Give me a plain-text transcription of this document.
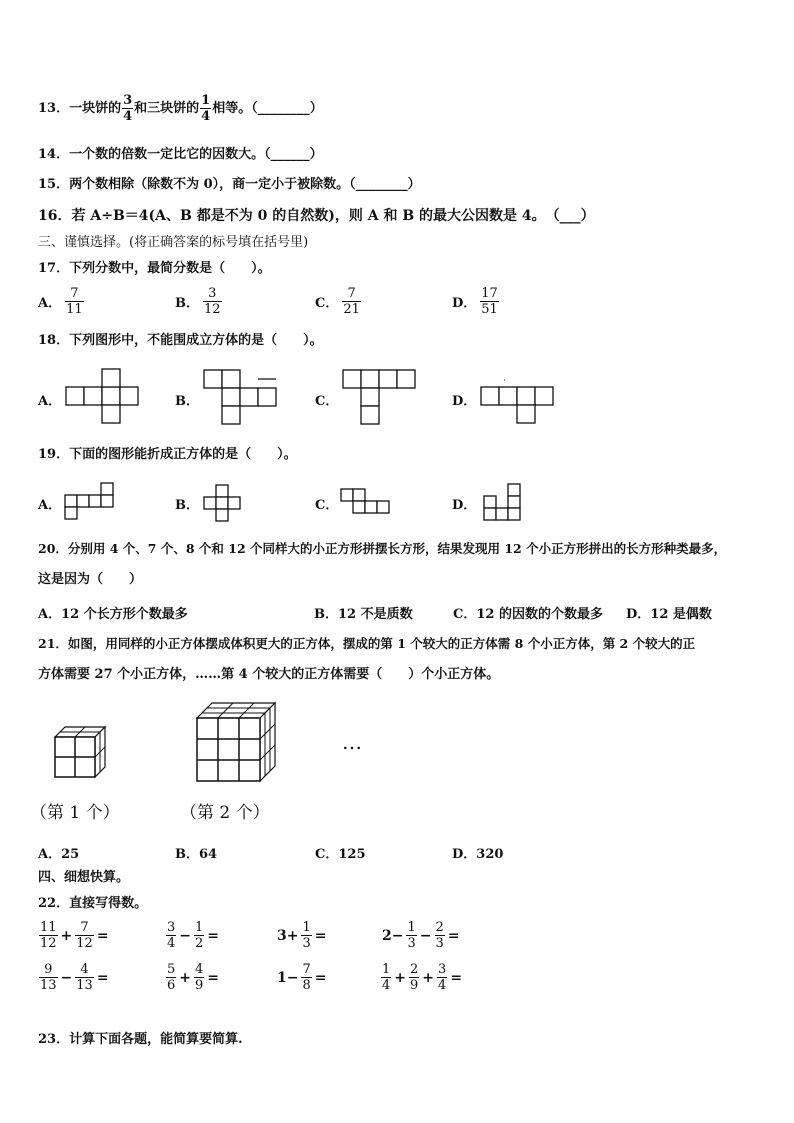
13．一块饼的 $\frac{3}{4}$ 和三块饼的 $\frac{1}{4}$ 相等。（________）
14．一个数的倍数一定比它的因数大。（______）
15．两个数相除（除数不为 0），商一定小于被除数。（________）
16．若 A÷B＝4(A、B 都是不为 0 的自然数)，则 A 和 B 的最大公因数是 4。　（___）
三、谨慎选择。(将正确答案的标号填在括号里)
17．下列分数中，最简分数是（　　）。
A． $\frac{7}{11}$	B． $\frac{3}{12}$	C． $\frac{7}{21}$	D． $\frac{17}{51}$
18．下列图形中，不能围成立方体的是（　　）。
A．	B．	C．	D．
·
19．下面的图形能折成正方体的是（　　）。
A．	B．	C．	D．
20．分别用 4 个、7 个、8 个和 12 个同样大的小正方形拼摆长方形，结果发现用 12 个小正方形拼出的长方形种类最多，
这是因为（　　）
A．12 个长方形个数最多	B．12 不是质数	C．12 的因数的个数最多 D．12 是偶数
21．如图，用同样的小正方体摆成体积更大的正方体，摆成的第 1 个较大的正方体需 8 个小正方体，第 2 个较大的正
方体需要 27 个小正方体，……第 4 个较大的正方体需要（　　）个小正方体。
…
（第 1 个）	（第 2 个）
A．25	B．64	C．125	D．320
四、细想快算。
22．直接写得数。
$\frac{11}{12} + \frac{7}{12}$ =	$\frac{3}{4} - \frac{1}{2}$ =	$3+ \frac{1}{3}$ =	$2- \frac{1}{3} - \frac{2}{3}$ =
$\frac{9}{13} - \frac{4}{13}$ =	$\frac{5}{6} + \frac{4}{9}$ =	$1- \frac{7}{8}$ =	$\frac{1}{4} + \frac{2}{9} + \frac{3}{4}$ =
23．计算下面各题，能简算要简算.
